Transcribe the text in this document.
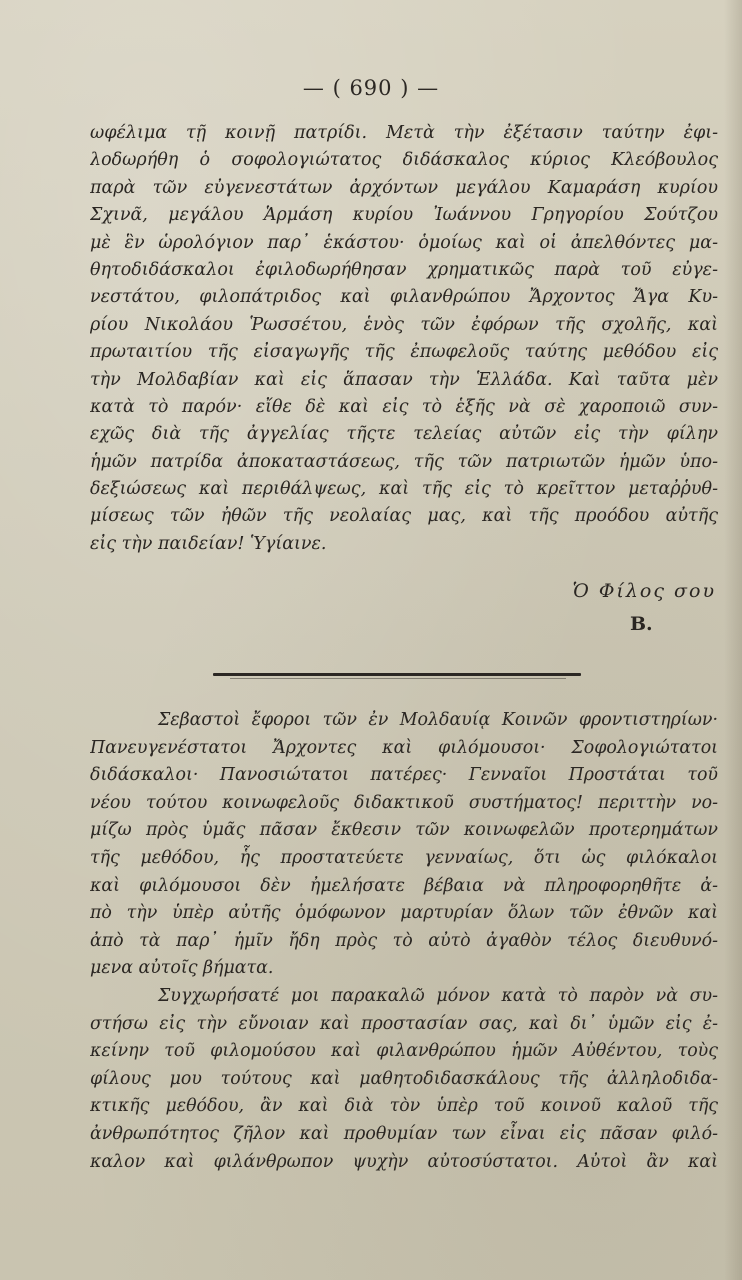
— ( 690 ) —
ωφέλιμα τῇ κοινῇ πατρίδι. Μετὰ τὴν ἐξέτασιν ταύτην ἐφι-
λοδωρήθη ὁ σοφολογιώτατος διδάσκαλος κύριος Κλεόβουλος
παρὰ τῶν εὐγενεστάτων ἀρχόντων μεγάλου Καμαράση κυρίου
Σχινᾶ, μεγάλου Ἁρμάση κυρίου Ἰωάννου Γρηγορίου Σούτζου
μὲ ἓν ὡρολόγιον παρ᾽ ἑκάστου· ὁμοίως καὶ οἱ ἀπελθόντες μα-
θητοδιδάσκαλοι ἐφιλοδωρήθησαν χρηματικῶς παρὰ τοῦ εὐγε-
νεστάτου, φιλοπάτριδος καὶ φιλανθρώπου Ἄρχοντος Ἄγα Κυ-
ρίου Νικολάου Ῥωσσέτου, ἑνὸς τῶν ἐφόρων τῆς σχολῆς, καὶ
πρωταιτίου τῆς εἰσαγωγῆς τῆς ἐπωφελοῦς ταύτης μεθόδου εἰς
τὴν Μολδαβίαν καὶ εἰς ἅπασαν τὴν Ἑλλάδα. Καὶ ταῦτα μὲν
κατὰ τὸ παρόν· εἴθε δὲ καὶ εἰς τὸ ἑξῆς νὰ σὲ χαροποιῶ συν-
εχῶς διὰ τῆς ἀγγελίας τῆςτε τελείας αὐτῶν εἰς τὴν φίλην
ἡμῶν πατρίδα ἀποκαταστάσεως, τῆς τῶν πατριωτῶν ἡμῶν ὑπο-
δεξιώσεως καὶ περιθάλψεως, καὶ τῆς εἰς τὸ κρεῖττον μεταῤῥυθ-
μίσεως τῶν ἠθῶν τῆς νεολαίας μας, καὶ τῆς προόδου αὐτῆς
εἰς τὴν παιδείαν! Ὑγίαινε.
Ὁ Φίλος σου
Β.
Σεβαστοὶ ἔφοροι τῶν ἐν Μολδαυίᾳ Κοινῶν φροντιστηρίων·
Πανευγενέστατοι Ἄρχοντες καὶ φιλόμουσοι· Σοφολογιώτατοι
διδάσκαλοι· Πανοσιώτατοι πατέρες· Γενναῖοι Προστάται τοῦ
νέου τούτου κοινωφελοῦς διδακτικοῦ συστήματος! περιττὴν νο-
μίζω πρὸς ὑμᾶς πᾶσαν ἔκθεσιν τῶν κοινωφελῶν προτερημάτων
τῆς μεθόδου, ἧς προστατεύετε γενναίως, ὅτι ὡς φιλόκαλοι
καὶ φιλόμουσοι δὲν ἠμελήσατε βέβαια νὰ πληροφορηθῆτε ἀ-
πὸ τὴν ὑπὲρ αὐτῆς ὁμόφωνον μαρτυρίαν ὅλων τῶν ἐθνῶν καὶ
ἀπὸ τὰ παρ᾽ ἡμῖν ἤδη πρὸς τὸ αὐτὸ ἀγαθὸν τέλος διευθυνό-
μενα αὐτοῖς βήματα.
Συγχωρήσατέ μοι παρακαλῶ μόνον κατὰ τὸ παρὸν νὰ συ-
στήσω εἰς τὴν εὔνοιαν καὶ προστασίαν σας, καὶ δι᾽ ὑμῶν εἰς ἐ-
κείνην τοῦ φιλομούσου καὶ φιλανθρώπου ἡμῶν Αὐθέντου, τοὺς
φίλους μου τούτους καὶ μαθητοδιδασκάλους τῆς ἀλληλοδιδα-
κτικῆς μεθόδου, ἂν καὶ διὰ τὸν ὑπὲρ τοῦ κοινοῦ καλοῦ τῆς
ἀνθρωπότητος ζῆλον καὶ προθυμίαν των εἶναι εἰς πᾶσαν φιλό-
καλον καὶ φιλάνθρωπον ψυχὴν αὐτοσύστατοι. Αὐτοὶ ἂν καὶ
